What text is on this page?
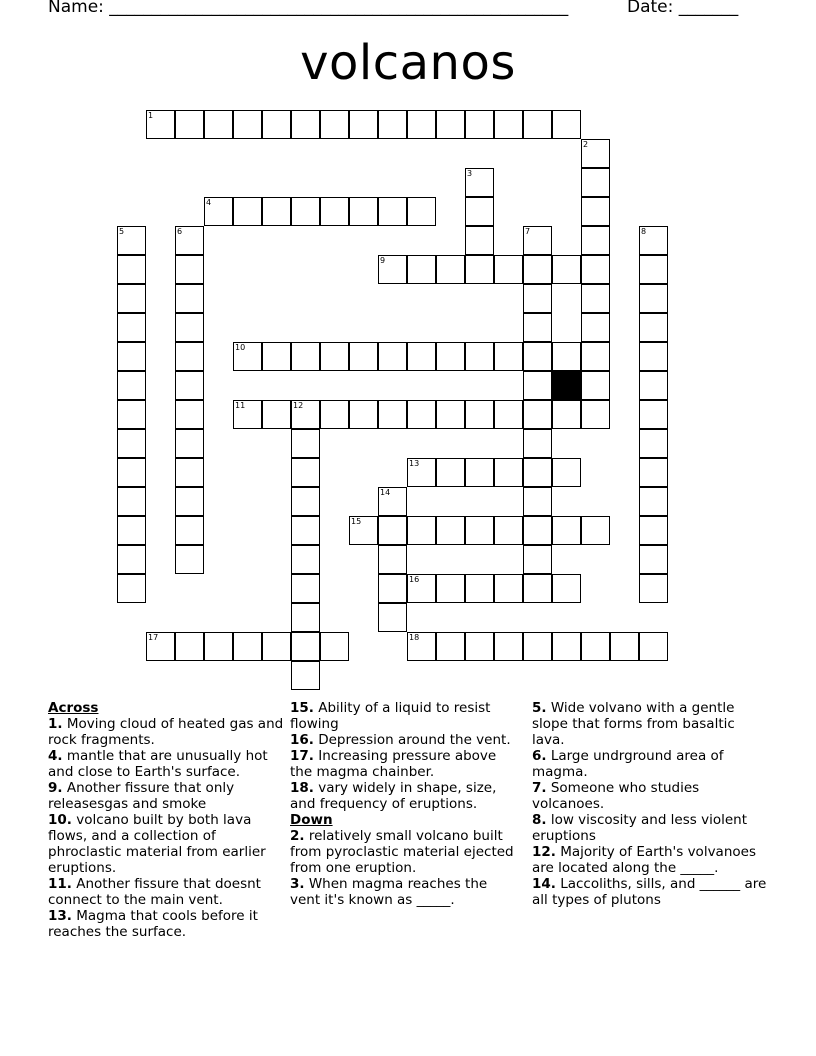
Name: ______________________________________________________	Date: _______
volcanos
1
2
3
4
5	6	7	8
9
10
11	12
13
14
15
16
17	18
Across
1. Moving cloud of heated gas and rock fragments.
4. mantle that are unusually hot and close to Earth's surface.
9. Another fissure that only releasesgas and smoke
10. volcano built by both lava flows, and a collection of phroclastic material from earlier eruptions.
11. Another fissure that doesnt connect to the main vent.
13. Magma that cools before it reaches the surface.
15. Ability of a liquid to resist flowing
16. Depression around the vent.
17. Increasing pressure above the magma chainber.
18. vary widely in shape, size, and frequency of eruptions.
Down
2. relatively small volcano built from pyroclastic material ejected from one eruption.
3. When magma reaches the vent it's known as _____.
5. Wide volvano with a gentle slope that forms from basaltic lava.
6. Large undrground area of magma.
7. Someone who studies volcanoes.
8. low viscosity and less violent eruptions
12. Majority of Earth's volvanoes are located along the _____.
14. Laccoliths, sills, and ______ are all types of plutons
